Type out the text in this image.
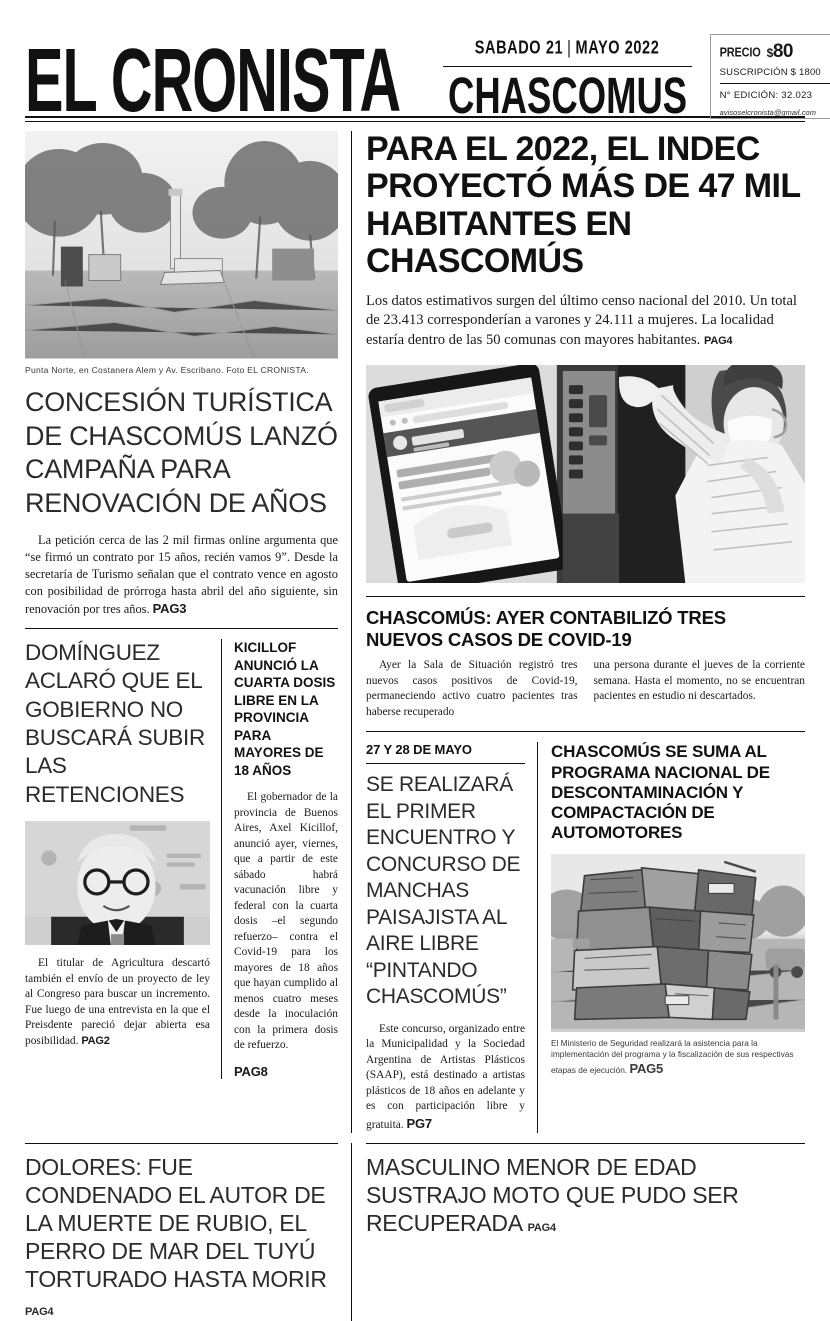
EL CRONISTA	SABADO 21 | MAYO 2022
CHASCOMUS
PRECIO $80
SUSCRIPCIÓN $ 1800
N° EDICIÓN: 32.023
avisoselcronista@gmail.com
Punta Norte, en Costanera Alem y Av. Escribano. Foto EL CRONISTA.
CONCESIÓN TURÍSTICA DE CHASCOMÚS LANZÓ CAMPAÑA PARA RENOVACIÓN DE AÑOS

La petición cerca de las 2 mil firmas online argumenta que “se firmó un contrato por 15 años, recién vamos 9”. Desde la secretaría de Turismo señalan que el contrato vence en agosto con posibilidad de prórroga hasta abril del año siguiente, sin renovación por tres años. PAG3

DOMÍNGUEZ ACLARÓ QUE EL GOBIERNO NO BUSCARÁ SUBIR LAS RETENCIONES

El titular de Agricultura descartó también el envío de un proyecto de ley al Congreso para buscar un incremento. Fue luego de una entrevista en la que el Preisdente pareció dejar abierta esa posibilidad. PAG2

KICILLOF ANUNCIÓ LA CUARTA DOSIS LIBRE EN LA PROVINCIA PARA MAYORES DE 18 AÑOS

El gobernador de la provincia de Buenos Aires, Axel Kicillof, anunció ayer, viernes, que a partir de este sábado habrá vacunación libre y federal con la cuarta dosis –el segundo refuerzo– contra el Covid-19 para los mayores de 18 años que hayan cumplido al menos cuatro meses desde la inoculación con la primera dosis de refuerzo.

PAG8
PARA EL 2022, EL INDEC PROYECTÓ MÁS DE 47 MIL HABITANTES EN CHASCOMÚS

Los datos estimativos surgen del último censo nacional del 2010. Un total de 23.413 corresponderían a varones y 24.111 a mujeres. La localidad estaría dentro de las 50 comunas con mayores habitantes. PAG4

CHASCOMÚS: AYER CONTABILIZÓ TRES NUEVOS CASOS DE COVID-19

Ayer la Sala de Situación registró tres nuevos casos positivos de Covid-19, permaneciendo activo cuatro pacientes tras haberse recuperado

una persona durante el jueves de la corriente semana. Hasta el momento, no se encuentran pacientes en estudio ni descartados.

27 Y 28 DE MAYO
SE REALIZARÁ EL PRIMER ENCUENTRO Y CONCURSO DE MANCHAS PAISAJISTA AL AIRE LIBRE “PINTANDO CHASCOMÚS”

Este concurso, organizado entre la Municipalidad y la Sociedad Argentina de Artistas Plásticos (SAAP), está destinado a artistas plásticos de 18 años en adelante y es con participación libre y gratuita. PG7

CHASCOMÚS SE SUMA AL PROGRAMA NACIONAL DE DESCONTAMINACIÓN Y COMPACTACIÓN DE AUTOMOTORES
El Ministerio de Seguridad realizará la asistencia para la implementación del programa y la fiscalización de sus respectivas etapas de ejecución. PAG5
DOLORES: FUE CONDENADO EL AUTOR DE LA MUERTE DE RUBIO, EL PERRO DE MAR DEL TUYÚ TORTURADO HASTA MORIR PAG4
MASCULINO MENOR DE EDAD SUSTRAJO MOTO QUE PUDO SER RECUPERADA PAG4
